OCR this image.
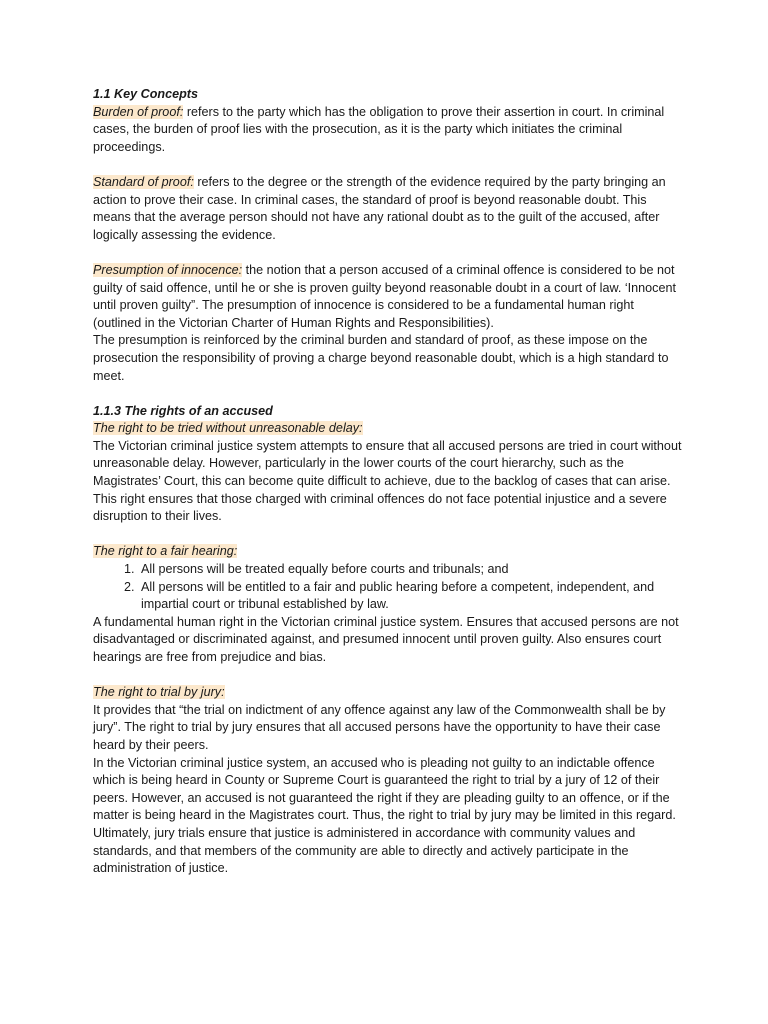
1.1 Key Concepts

Burden of proof: refers to the party which has the obligation to prove their assertion in court. In criminal cases, the burden of proof lies with the prosecution, as it is the party which initiates the criminal proceedings.

Standard of proof: refers to the degree or the strength of the evidence required by the party bringing an action to prove their case. In criminal cases, the standard of proof is beyond reasonable doubt. This means that the average person should not have any rational doubt as to the guilt of the accused, after logically assessing the evidence.

Presumption of innocence: the notion that a person accused of a criminal offence is considered to be not guilty of said offence, until he or she is proven guilty beyond reasonable doubt in a court of law. ‘Innocent until proven guilty”. The presumption of innocence is considered to be a fundamental human right (outlined in the Victorian Charter of Human Rights and Responsibilities).

The presumption is reinforced by the criminal burden and standard of proof, as these impose on the prosecution the responsibility of proving a charge beyond reasonable doubt, which is a high standard to meet.

1.1.3 The rights of an accused

The right to be tried without unreasonable delay:

The Victorian criminal justice system attempts to ensure that all accused persons are tried in court without unreasonable delay. However, particularly in the lower courts of the court hierarchy, such as the Magistrates’ Court, this can become quite difficult to achieve, due to the backlog of cases that can arise. This right ensures that those charged with criminal offences do not face potential injustice and a severe disruption to their lives.

The right to a fair hearing:

1. All persons will be treated equally before courts and tribunals; and
2. All persons will be entitled to a fair and public hearing before a competent, independent, and impartial court or tribunal established by law.

A fundamental human right in the Victorian criminal justice system. Ensures that accused persons are not disadvantaged or discriminated against, and presumed innocent until proven guilty. Also ensures court hearings are free from prejudice and bias.

The right to trial by jury:

It provides that “the trial on indictment of any offence against any law of the Commonwealth shall be by jury”. The right to trial by jury ensures that all accused persons have the opportunity to have their case heard by their peers.

In the Victorian criminal justice system, an accused who is pleading not guilty to an indictable offence which is being heard in County or Supreme Court is guaranteed the right to trial by a jury of 12 of their peers. However, an accused is not guaranteed the right if they are pleading guilty to an offence, or if the matter is being heard in the Magistrates court. Thus, the right to trial by jury may be limited in this regard.

Ultimately, jury trials ensure that justice is administered in accordance with community values and standards, and that members of the community are able to directly and actively participate in the administration of justice.
